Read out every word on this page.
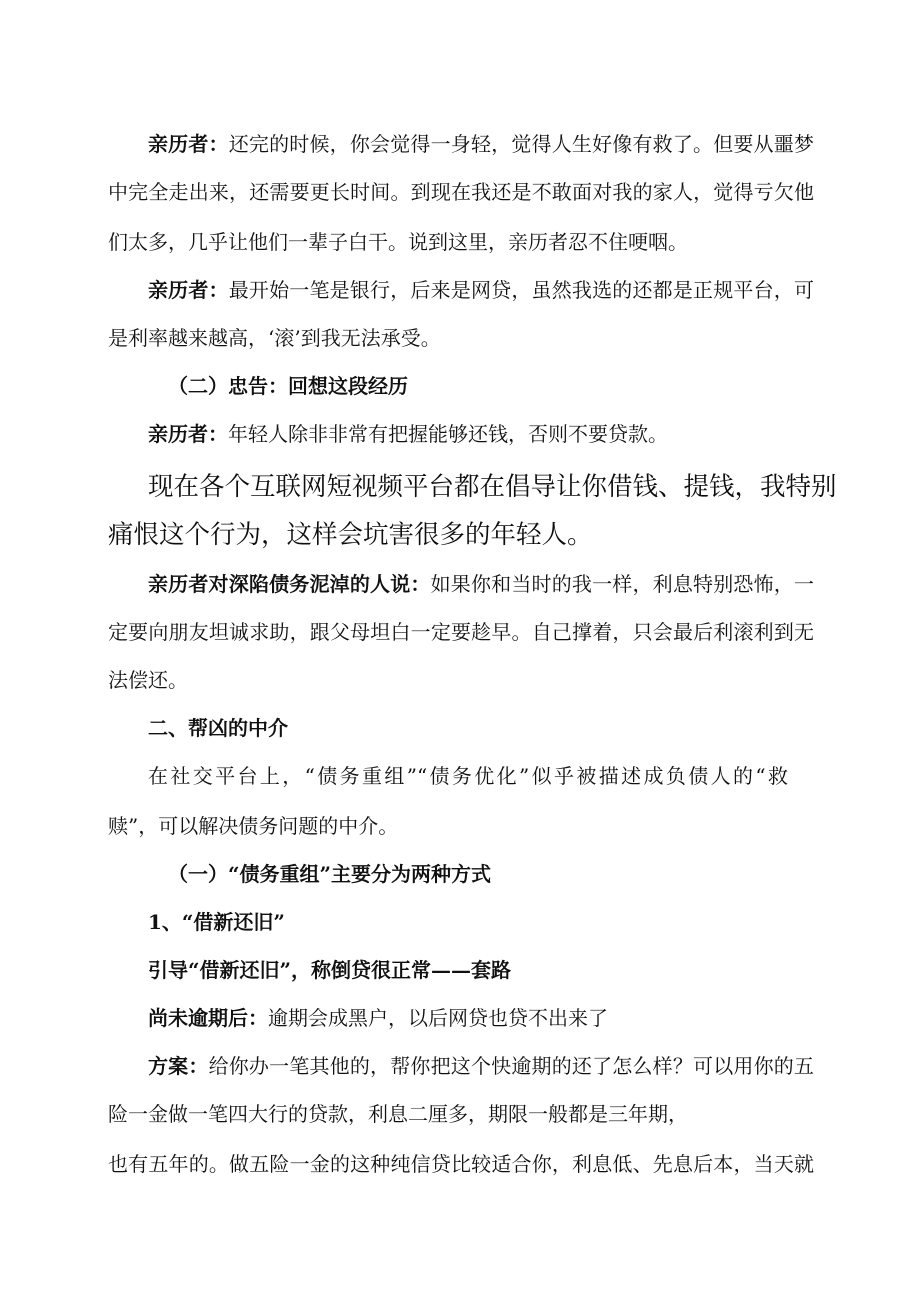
亲历者：还完的时候，你会觉得一身轻，觉得人生好像有救了。但要从噩梦
中完全走出来，还需要更长时间。到现在我还是不敢面对我的家人，觉得亏欠他
们太多，几乎让他们一辈子白干。说到这里，亲历者忍不住哽咽。
亲历者：最开始一笔是银行，后来是网贷，虽然我选的还都是正规平台，可
是利率越来越高，‘滚’到我无法承受。
（二）忠告：回想这段经历
亲历者：年轻人除非非常有把握能够还钱，否则不要贷款。
现在各个互联网短视频平台都在倡导让你借钱、提钱，我特别
痛恨这个行为，这样会坑害很多的年轻人。
亲历者对深陷债务泥淖的人说：如果你和当时的我一样，利息特别恐怖，一
定要向朋友坦诚求助，跟父母坦白一定要趁早。自己撑着，只会最后利滚利到无
法偿还。
二、帮凶的中介
在社交平台上，“债务重组”“债务优化”似乎被描述成负债人的“救
赎”，可以解决债务问题的中介。
（一）“债务重组”主要分为两种方式
1、“借新还旧”
引导“借新还旧”，称倒贷很正常——套路
尚未逾期后：逾期会成黑户，以后网贷也贷不出来了
方案：给你办一笔其他的，帮你把这个快逾期的还了怎么样？可以用你的五
险一金做一笔四大行的贷款，利息二厘多，期限一般都是三年期，
也有五年的。做五险一金的这种纯信贷比较适合你，利息低、先息后本，当天就
